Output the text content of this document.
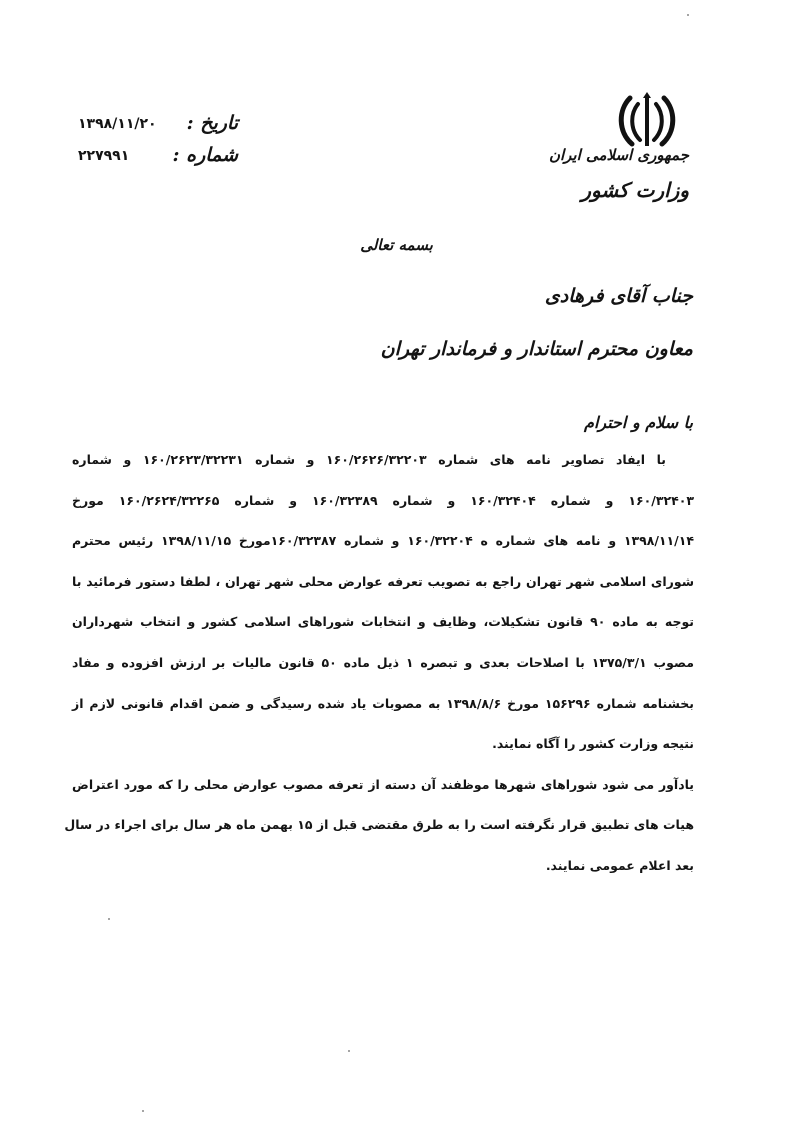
جمهوری اسلامی ایران
وزارت کشور
تاریخ :
۱۳۹۸/۱۱/۲۰
شماره :
۲۲۷۹۹۱
بسمه تعالی
جناب آقای فرهادی
معاون محترم استاندار و فرماندار تهران
با سلام و احترام
با ایفاد تصاویر نامه های شماره ۱۶۰/۲۶۲۶/۳۲۲۰۳ و شماره ۱۶۰/۲۶۲۳/۳۲۲۳۱ و شماره
۱۶۰/۳۲۴۰۳ و شماره ۱۶۰/۳۲۴۰۴ و شماره ۱۶۰/۳۲۳۸۹ و شماره ۱۶۰/۲۶۲۴/۳۲۲۶۵ مورخ
۱۳۹۸/۱۱/۱۴ و نامه های شماره ه ۱۶۰/۳۲۲۰۴ و شماره ۱۶۰/۳۲۳۸۷مورخ ۱۳۹۸/۱۱/۱۵ رئیس محترم
شورای اسلامی شهر تهران راجع به تصویب تعرفه عوارض محلی شهر تهران ، لطفا دستور فرمائید با
توجه به ماده ۹۰ قانون تشکیلات، وظایف و انتخابات شوراهای اسلامی کشور و انتخاب شهرداران
مصوب ۱۳۷۵/۳/۱ با اصلاحات بعدی و تبصره ۱ ذیل ماده ۵۰ قانون مالیات بر ارزش افزوده و مفاد
بخشنامه شماره ۱۵۶۲۹۶ مورخ ۱۳۹۸/۸/۶ به مصوبات یاد شده رسیدگی و ضمن اقدام قانونی لازم از
نتیجه وزارت کشور را آگاه نمایند.
یادآور می شود شوراهای شهرها موظفند آن دسته از تعرفه مصوب عوارض محلی را که مورد اعتراض
هیات های تطبیق قرار نگرفته است را به طرق مقتضی قبل از ۱۵ بهمن ماه هر سال برای اجراء در سال
بعد اعلام عمومی نمایند.
